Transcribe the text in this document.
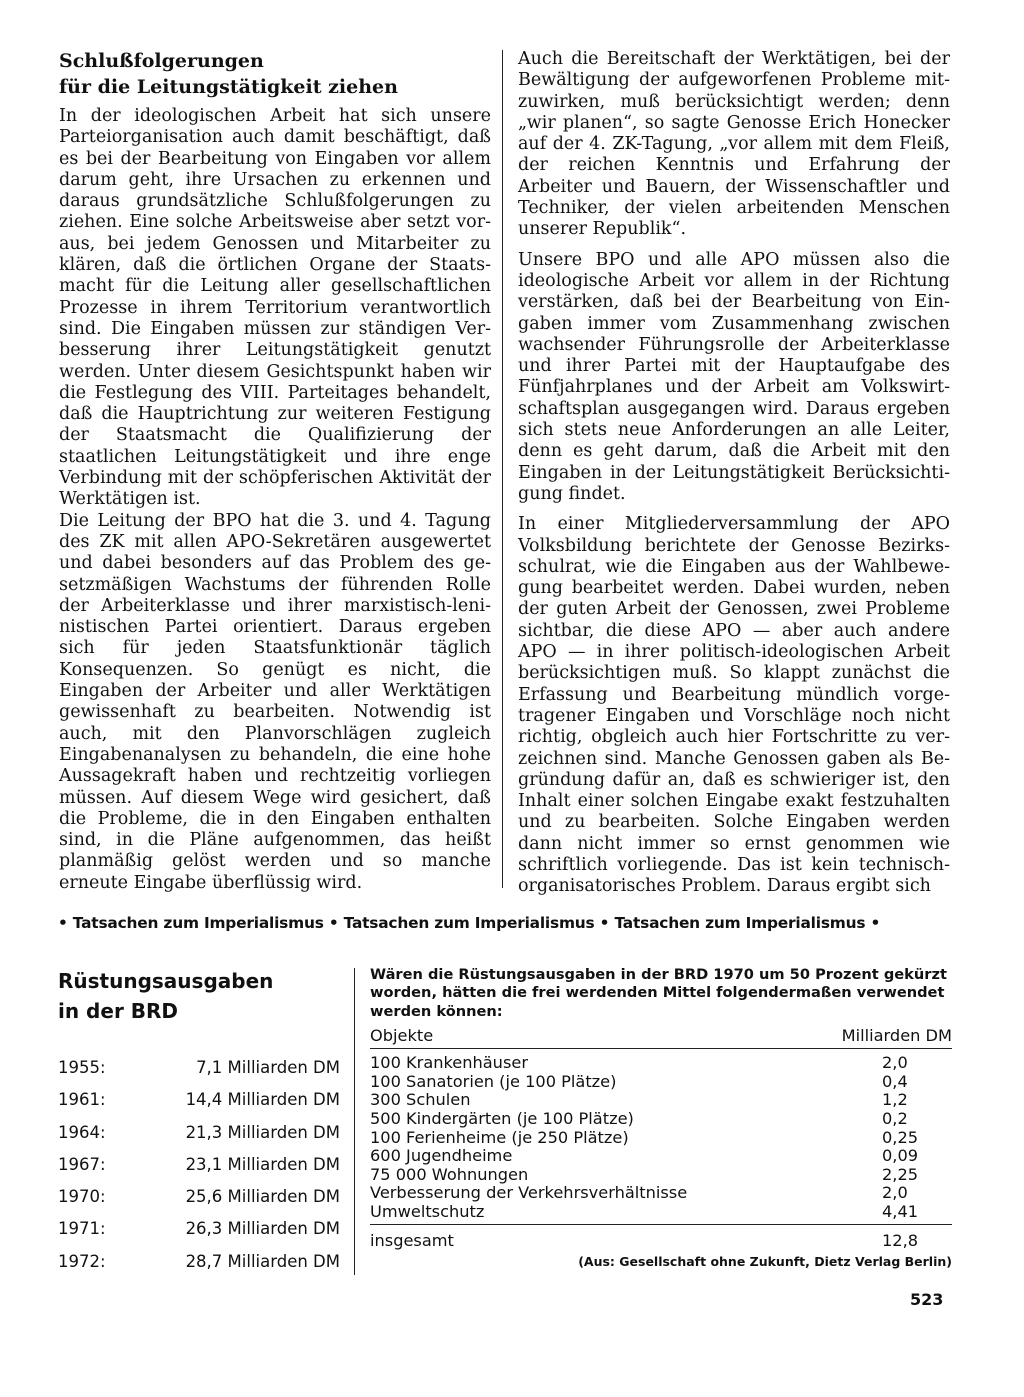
Schlußfolgerungen
für die Leitungstätigkeit ziehen

In der ideologischen Arbeit hat sich unsere Parteiorganisation auch damit beschäftigt, daß es bei der Bearbeitung von Eingaben vor allem darum geht, ihre Ursachen zu erkennen und daraus grundsätzliche Schlußfolgerungen zu ziehen. Eine solche Arbeitsweise aber setzt voraus, bei jedem Genossen und Mitarbeiter zu klären, daß die örtlichen Organe der Staatsmacht für die Leitung aller gesellschaftlichen Prozesse in ihrem Territorium verantwortlich sind. Die Eingaben müssen zur ständigen Verbesserung ihrer Leitungstätigkeit genutzt werden. Unter diesem Gesichtspunkt haben wir die Festlegung des VIII. Parteitages behandelt, daß die Hauptrichtung zur weiteren Festigung der Staatsmacht die Qualifizierung der staatlichen Leitungstätigkeit und ihre enge Verbindung mit der schöpferischen Aktivität der Werktätigen ist.

Die Leitung der BPO hat die 3. und 4. Tagung des ZK mit allen APO-Sekretären ausgewertet und dabei besonders auf das Problem des gesetzmäßigen Wachstums der führenden Rolle der Arbeiterklasse und ihrer marxistisch-leninistischen Partei orientiert. Daraus ergeben sich für jeden Staatsfunktionär täglich Konsequenzen. So genügt es nicht, die Eingaben der Arbeiter und aller Werktätigen gewissenhaft zu bearbeiten. Notwendig ist auch, mit den Planvorschlägen zugleich Eingabenanalysen zu behandeln, die eine hohe Aussagekraft haben und rechtzeitig vorliegen müssen. Auf diesem Wege wird gesichert, daß die Probleme, die in den Eingaben enthalten sind, in die Pläne aufgenommen, das heißt planmäßig gelöst werden und so manche erneute Eingabe überflüssig wird.

Auch die Bereitschaft der Werktätigen, bei der Bewältigung der aufgeworfenen Probleme mitzuwirken, muß berücksichtigt werden; denn „wir planen“, so sagte Genosse Erich Honecker auf der 4. ZK-Tagung, „vor allem mit dem Fleiß, der reichen Kenntnis und Erfahrung der Arbeiter und Bauern, der Wissenschaftler und Techniker, der vielen arbeitenden Menschen unserer Republik“.

Unsere BPO und alle APO müssen also die ideologische Arbeit vor allem in der Richtung verstärken, daß bei der Bearbeitung von Eingaben immer vom Zusammenhang zwischen wachsender Führungsrolle der Arbeiterklasse und ihrer Partei mit der Hauptaufgabe des Fünfjahrplanes und der Arbeit am Volkswirtschaftsplan ausgegangen wird. Daraus ergeben sich stets neue Anforderungen an alle Leiter, denn es geht darum, daß die Arbeit mit den Eingaben in der Leitungstätigkeit Berücksichtigung findet.

In einer Mitgliederversammlung der APO Volksbildung berichtete der Genosse Bezirksschulrat, wie die Eingaben aus der Wahlbewegung bearbeitet werden. Dabei wurden, neben der guten Arbeit der Genossen, zwei Probleme sichtbar, die diese APO — aber auch andere APO — in ihrer politisch-ideologischen Arbeit berücksichtigen muß. So klappt zunächst die Erfassung und Bearbeitung mündlich vorgetragener Eingaben und Vorschläge noch nicht richtig, obgleich auch hier Fortschritte zu verzeichnen sind. Manche Genossen gaben als Begründung dafür an, daß es schwieriger ist, den Inhalt einer solchen Eingabe exakt festzuhalten und zu bearbeiten. Solche Eingaben werden dann nicht immer so ernst genommen wie schriftlich vorliegende. Das ist kein technisch-organisatorisches Problem. Daraus ergibt sich

• Tatsachen zum Imperialismus • Tatsachen zum Imperialismus • Tatsachen zum Imperialismus •
Rüstungsausgaben
in der BRD
1955:	7,1 Milliarden DM
1961:	14,4 Milliarden DM
1964:	21,3 Milliarden DM
1967:	23,1 Milliarden DM
1970:	25,6 Milliarden DM
1971:	26,3 Milliarden DM
1972:	28,7 Milliarden DM

Wären die Rüstungsausgaben in der BRD 1970 um 50 Prozent gekürzt worden, hätten die frei werdenden Mittel folgendermaßen verwendet werden können:

Objekte	Milliarden DM
100 Krankenhäuser	2,0
100 Sanatorien (je 100 Plätze)	0,4
300 Schulen	1,2
500 Kindergärten (je 100 Plätze)	0,2
100 Ferienheime (je 250 Plätze)	0,25
600 Jugendheime	0,09
75 000 Wohnungen	2,25
Verbesserung der Verkehrsverhältnisse	2,0
Umweltschutz	4,41
insgesamt	12,8
(Aus: Gesellschaft ohne Zukunft, Dietz Verlag Berlin)
523
